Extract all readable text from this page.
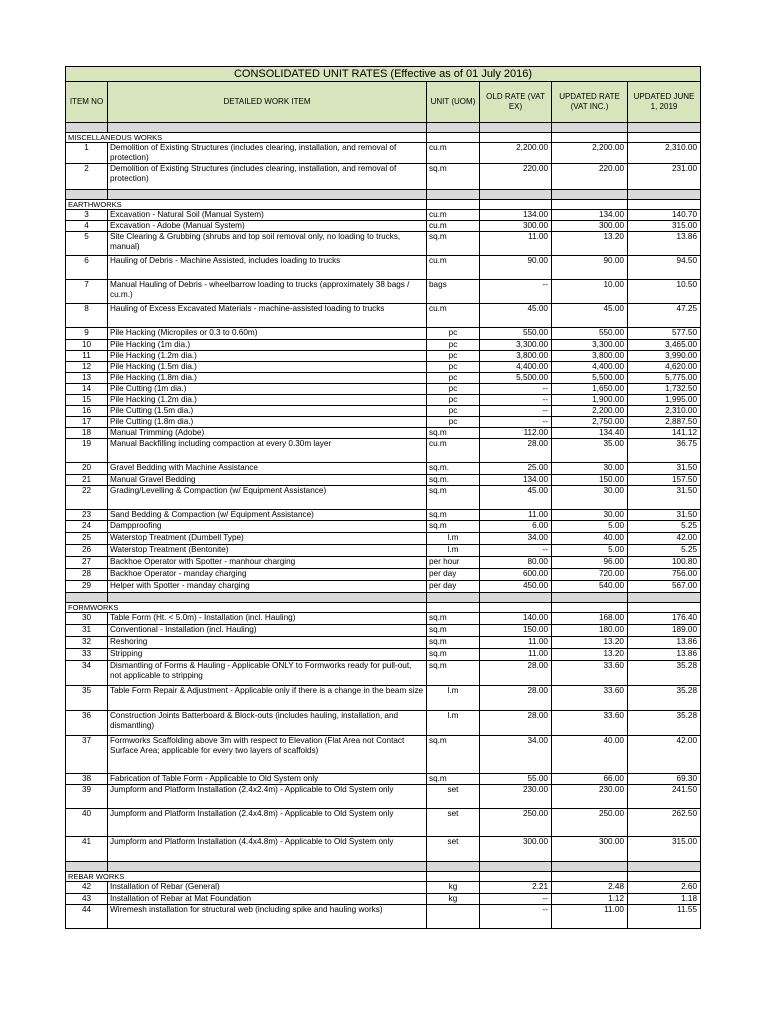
CONSOLIDATED UNIT RATES (Effective as of 01 July 2016)					
ITEM NO	DETAILED WORK ITEM	UNIT (UOM)	OLD RATE (VAT EX)	UPDATED RATE (VAT INC.)	UPDATED JUNE 1, 2019

MISCELLANEOUS WORKS					
1	Demolition of Existing Structures (includes clearing, installation, and removal of protection)	cu.m	2,200.00	2,200.00	2,310.00
2	Demolition of Existing Structures (includes clearing, installation, and removal of protection)	sq.m	220.00	220.00	231.00

EARTHWORKS					
3	Excavation - Natural Soil (Manual System)	cu.m	134.00	134.00	140.70
4	Excavation - Adobe (Manual System)	cu.m	300.00	300.00	315.00
5	Site Clearing & Grubbing (shrubs and top soil removal only, no loading to trucks, manual)	sq.m	11.00	13.20	13.86
6	Hauling of Debris - Machine Assisted, includes loading to trucks	cu.m	90.00	90.00	94.50
7	Manual Hauling of Debris - wheelbarrow loading to trucks (approximately 38 bags / cu.m.)	bags	--	10.00	10.50
8	Hauling of Excess Excavated Materials - machine-assisted loading to trucks	cu.m	45.00	45.00	47.25
9	Pile Hacking (Micropiles or 0.3 to 0.60m)	pc	550.00	550.00	577.50
10	Pile Hacking (1m dia.)	pc	3,300.00	3,300.00	3,465.00
11	Pile Hacking (1.2m dia.)	pc	3,800.00	3,800.00	3,990.00
12	Pile Hacking (1.5m dia.)	pc	4,400.00	4,400.00	4,620.00
13	Pile Hacking (1.8m dia.)	pc	5,500.00	5,500.00	5,775.00
14	Pile Cutting (1m dia.)	pc	--	1,650.00	1,732.50
15	Pile Hacking (1.2m dia.)	pc	--	1,900.00	1,995.00
16	Pile Cutting (1.5m dia.)	pc	--	2,200.00	2,310.00
17	Pile Cutting (1.8m dia.)	pc	--	2,750.00	2,887.50
18	Manual Trimming (Adobe)	sq.m	112.00	134.40	141.12
19	Manual Backfilling including compaction at every 0.30m layer	cu.m	28.00	35.00	36.75
20	Gravel Bedding with Machine Assistance	sq.m.	25.00	30.00	31.50
21	Manual Gravel Bedding	sq.m.	134.00	150.00	157.50
22	Grading/Levelling & Compaction (w/ Equipment Assistance)	sq.m	45.00	30.00	31.50
23	Sand Bedding & Compaction (w/ Equipment Assistance)	sq.m	11.00	30.00	31.50
24	Dampproofing	sq.m	6.00	5.00	5.25
25	Waterstop Treatment (Dumbell Type)	l.m	34.00	40.00	42.00
26	Waterstop Treatment (Bentonite)	l.m	--	5.00	5.25
27	Backhoe Operator with Spotter - manhour charging	per hour	80.00	96.00	100.80
28	Backhoe Operator - manday charging	per day	600.00	720.00	756.00
29	Helper with Spotter - manday charging	per day	450.00	540.00	567.00

FORMWORKS					
30	Table Form (Ht. < 5.0m) - Installation (incl. Hauling)	sq.m	140.00	168.00	176.40
31	Conventional - Installation (incl. Hauling)	sq.m	150.00	180.00	189.00
32	Reshoring	sq.m	11.00	13.20	13.86
33	Stripping	sq.m	11.00	13.20	13.86
34	Dismantling of Forms & Hauling - Applicable ONLY to Formworks ready for pull-out, not applicable to stripping	sq.m	28.00	33.60	35.28
35	Table Form Repair & Adjustment - Applicable only if there is a change in the beam size	l.m	28.00	33.60	35.28
36	Construction Joints Batterboard & Block-outs (includes hauling, installation, and dismantling)	l.m	28.00	33.60	35.28
37	Formworks Scaffolding above 3m with respect to Elevation (Flat Area not Contact Surface Area; applicable for every two layers of scaffolds)	sq.m	34.00	40.00	42.00
38	Fabrication of Table Form - Applicable to Old System only	sq.m	55.00	66.00	69.30
39	Jumpform and Platform Installation (2.4x2.4m) - Applicable to Old System only	set	230.00	230.00	241.50
40	Jumpform and Platform Installation (2.4x4.8m) - Applicable to Old System only	set	250.00	250.00	262.50
41	Jumpform and Platform Installation (4.4x4.8m) - Applicable to Old System only	set	300.00	300.00	315.00

REBAR WORKS					
42	Installation of Rebar (General)	kg	2.21	2.48	2.60
43	Installation of Rebar at Mat Foundation	kg	--	1.12	1.18
44	Wiremesh installation for structural web (including spike and hauling works)		--	11.00	11.55
